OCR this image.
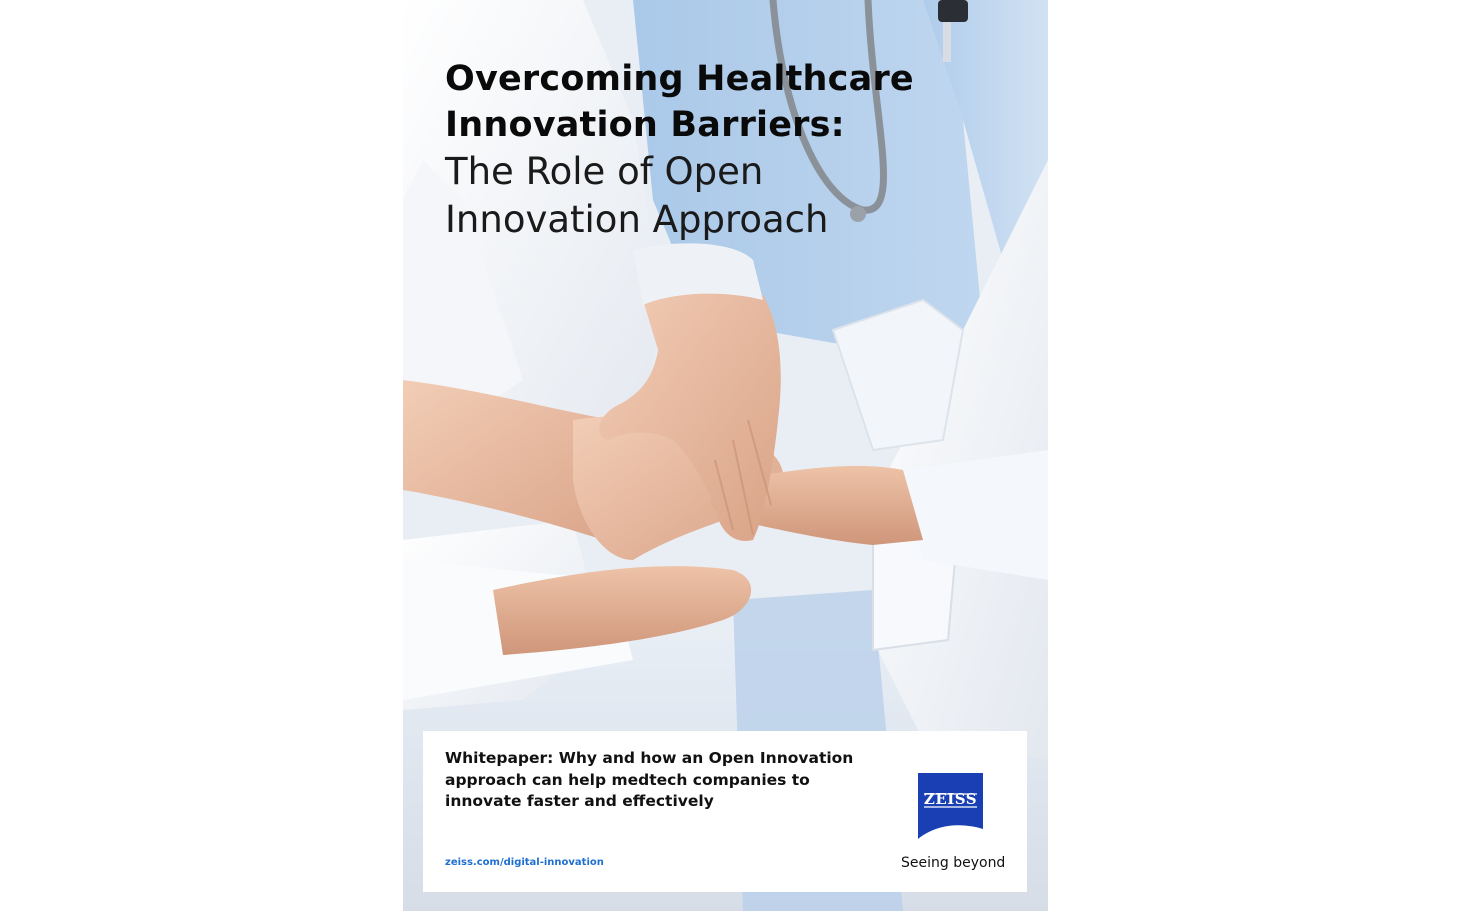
Overcoming Healthcare
Innovation Barriers:
The Role of Open
Innovation Approach
Whitepaper: Why and how an Open Innovation
approach can help medtech companies to
innovate faster and effectively
zeiss.com/digital-innovation
ZEISS
Seeing beyond
